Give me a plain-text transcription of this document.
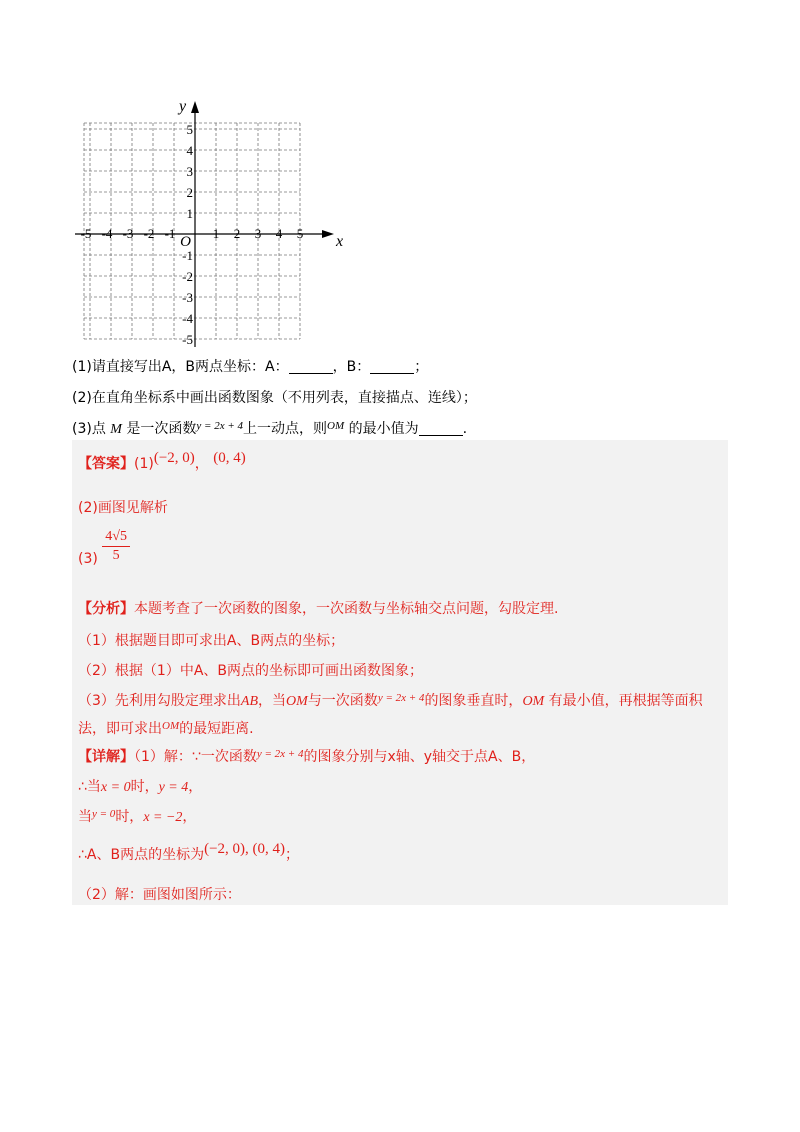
-5 -4 -3 -2 -1	1 2 3 4 5
5
4
3
2
1
-1
-2
-3
-4
-5
O	x
y
(1)请直接写出A，B两点坐标：A：	，B：	；
(2)在直角坐标系中画出函数图象（不用列表，直接描点、连线）；
(3)点 M 是一次函数$^{y = 2x + 4}$上一动点，则$^{OM}$ 的最小值为	.
【答案】(1)(−2, 0)， (0, 4)
(2)画图见解析
$(3) \frac{4√5}{5}$
【分析】本题考查了一次函数的图象，一次函数与坐标轴交点问题，勾股定理.
（1）根据题目即可求出A、B两点的坐标；
（2）根据（1）中A、B两点的坐标即可画出函数图象；
（3）先利用勾股定理求出AB，当OM与一次函数$^{y = 2x + 4}$的图象垂直时，OM 有最小值，再根据等面积
法，即可求出$^{OM}$的最短距离.
【详解】（1）解：∵一次函数$^{y = 2x + 4}$的图象分别与x轴、y轴交于点A、B，
∴当x = 0时，y = 4，
当$^{y = 0}$时，x = −2，
∴A、B两点的坐标为(−2, 0), (0, 4)；
（2）解：画图如图所示：
